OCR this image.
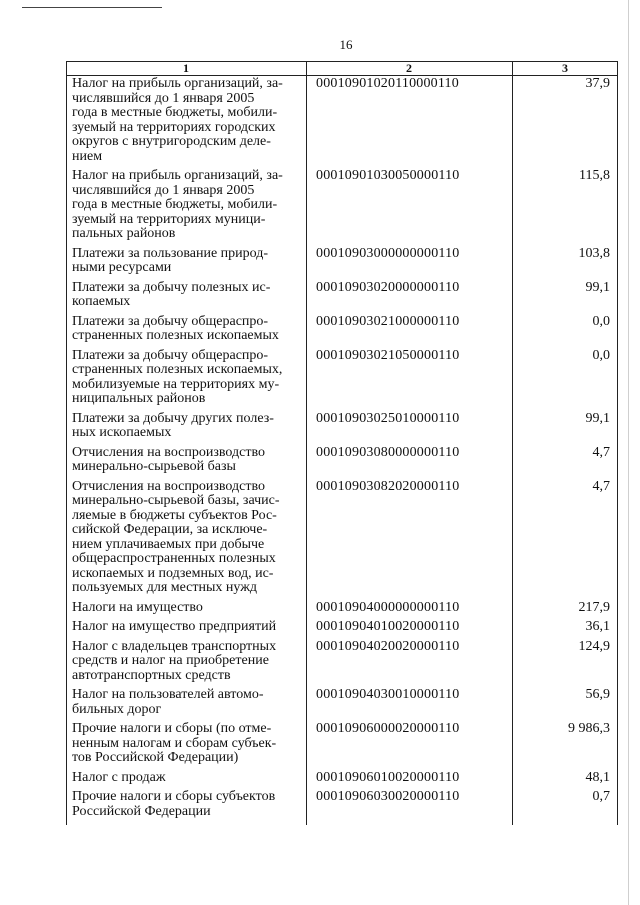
16
1	2	3
Налог на прибыль организаций, за-
числявшийся до 1 января 2005
года в местные бюджеты, мобили-
зуемый на территориях городских
округов с внутригородским деле-
нием
00010901020110000110	37,9
Налог на прибыль организаций, за-
числявшийся до 1 января 2005
года в местные бюджеты, мобили-
зуемый на территориях муници-
пальных районов
00010901030050000110	115,8
Платежи за пользование природ-
ными ресурсами
00010903000000000110	103,8
Платежи за добычу полезных ис-
копаемых
00010903020000000110	99,1
Платежи за добычу общераспро-
страненных полезных ископаемых
00010903021000000110	0,0
Платежи за добычу общераспро-
страненных полезных ископаемых,
мобилизуемые на территориях му-
ниципальных районов
00010903021050000110	0,0
Платежи за добычу других полез-
ных ископаемых
00010903025010000110	99,1
Отчисления на воспроизводство
минерально-сырьевой базы
00010903080000000110	4,7
Отчисления на воспроизводство
минерально-сырьевой базы, зачис-
ляемые в бюджеты субъектов Рос-
сийской Федерации, за исключе-
нием уплачиваемых при добыче
общераспространенных полезных
ископаемых и подземных вод, ис-
пользуемых для местных нужд
00010903082020000110	4,7
Налоги на имущество	00010904000000000110	217,9
Налог на имущество предприятий	00010904010020000110	36,1
Налог с владельцев транспортных
средств и налог на приобретение
автотранспортных средств
00010904020020000110	124,9
Налог на пользователей автомо-
бильных дорог
00010904030010000110	56,9
Прочие налоги и сборы (по отме-
ненным налогам и сборам субъек-
тов Российской Федерации)
00010906000020000110	9 986,3
Налог с продаж	00010906010020000110	48,1
Прочие налоги и сборы субъектов
Российской Федерации
00010906030020000110	0,7
